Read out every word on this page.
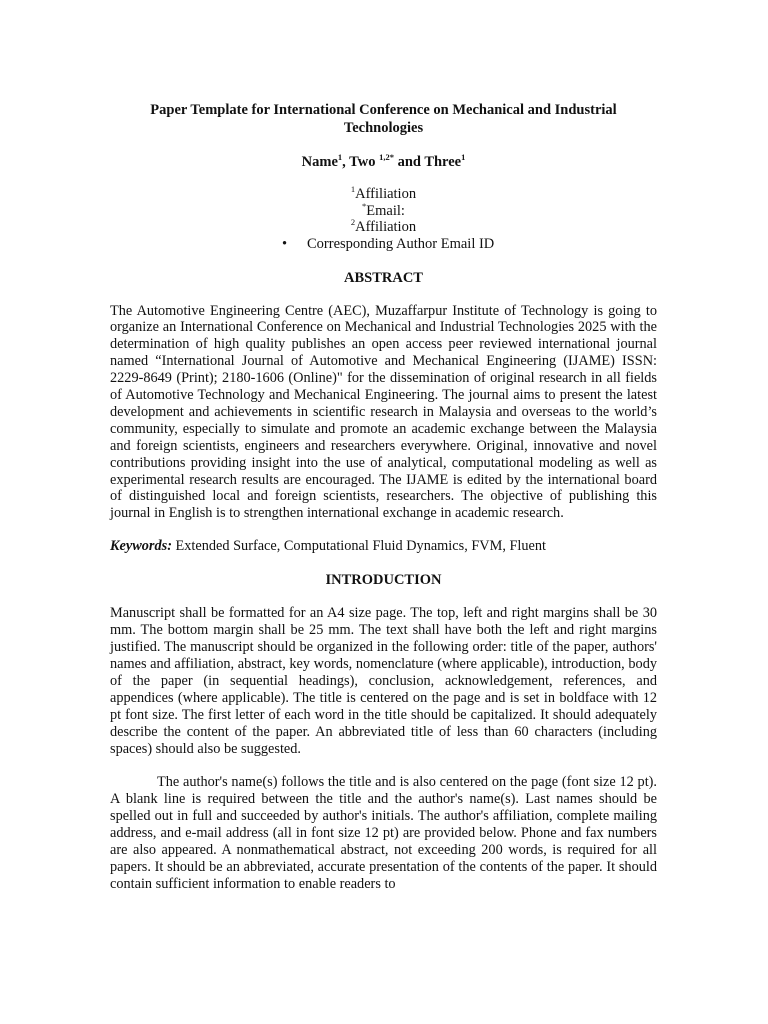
Paper Template for International Conference on Mechanical and Industrial Technologies
Name$^1$, Two $^{1,2*}$ and Three$^1$
$^1$Affiliation
*Email:
$^2$Affiliation
• Corresponding Author Email ID
ABSTRACT

The Automotive Engineering Centre (AEC), Muzaffarpur Institute of Technology is going to organize an International Conference on Mechanical and Industrial Technologies 2025 with the determination of high quality publishes an open access peer reviewed international journal named “International Journal of Automotive and Mechanical Engineering (IJAME) ISSN: 2229-8649 (Print); 2180-1606 (Online)" for the dissemination of original research in all fields of Automotive Technology and Mechanical Engineering. The journal aims to present the latest development and achievements in scientific research in Malaysia and overseas to the world’s community, especially to simulate and promote an academic exchange between the Malaysia and foreign scientists, engineers and researchers everywhere. Original, innovative and novel contributions providing insight into the use of analytical, computational modeling as well as experimental research results are encouraged. The IJAME is edited by the international board of distinguished local and foreign scientists, researchers. The objective of publishing this journal in English is to strengthen international exchange in academic research.

Keywords: Extended Surface, Computational Fluid Dynamics, FVM, Fluent

INTRODUCTION

Manuscript shall be formatted for an A4 size page. The top, left and right margins shall be 30 mm. The bottom margin shall be 25 mm. The text shall have both the left and right margins justified. The manuscript should be organized in the following order: title of the paper, authors' names and affiliation, abstract, key words, nomenclature (where applicable), introduction, body of the paper (in sequential headings), conclusion, acknowledgement, references, and appendices (where applicable). The title is centered on the page and is set in boldface with 12 pt font size. The first letter of each word in the title should be capitalized. It should adequately describe the content of the paper. An abbreviated title of less than 60 characters (including spaces) should also be suggested.

The author's name(s) follows the title and is also centered on the page (font size 12 pt). A blank line is required between the title and the author's name(s). Last names should be spelled out in full and succeeded by author's initials. The author's affiliation, complete mailing address, and e-mail address (all in font size 12 pt) are provided below. Phone and fax numbers are also appeared. A nonmathematical abstract, not exceeding 200 words, is required for all papers. It should be an abbreviated, accurate presentation of the contents of the paper. It should contain sufficient information to enable readers to
